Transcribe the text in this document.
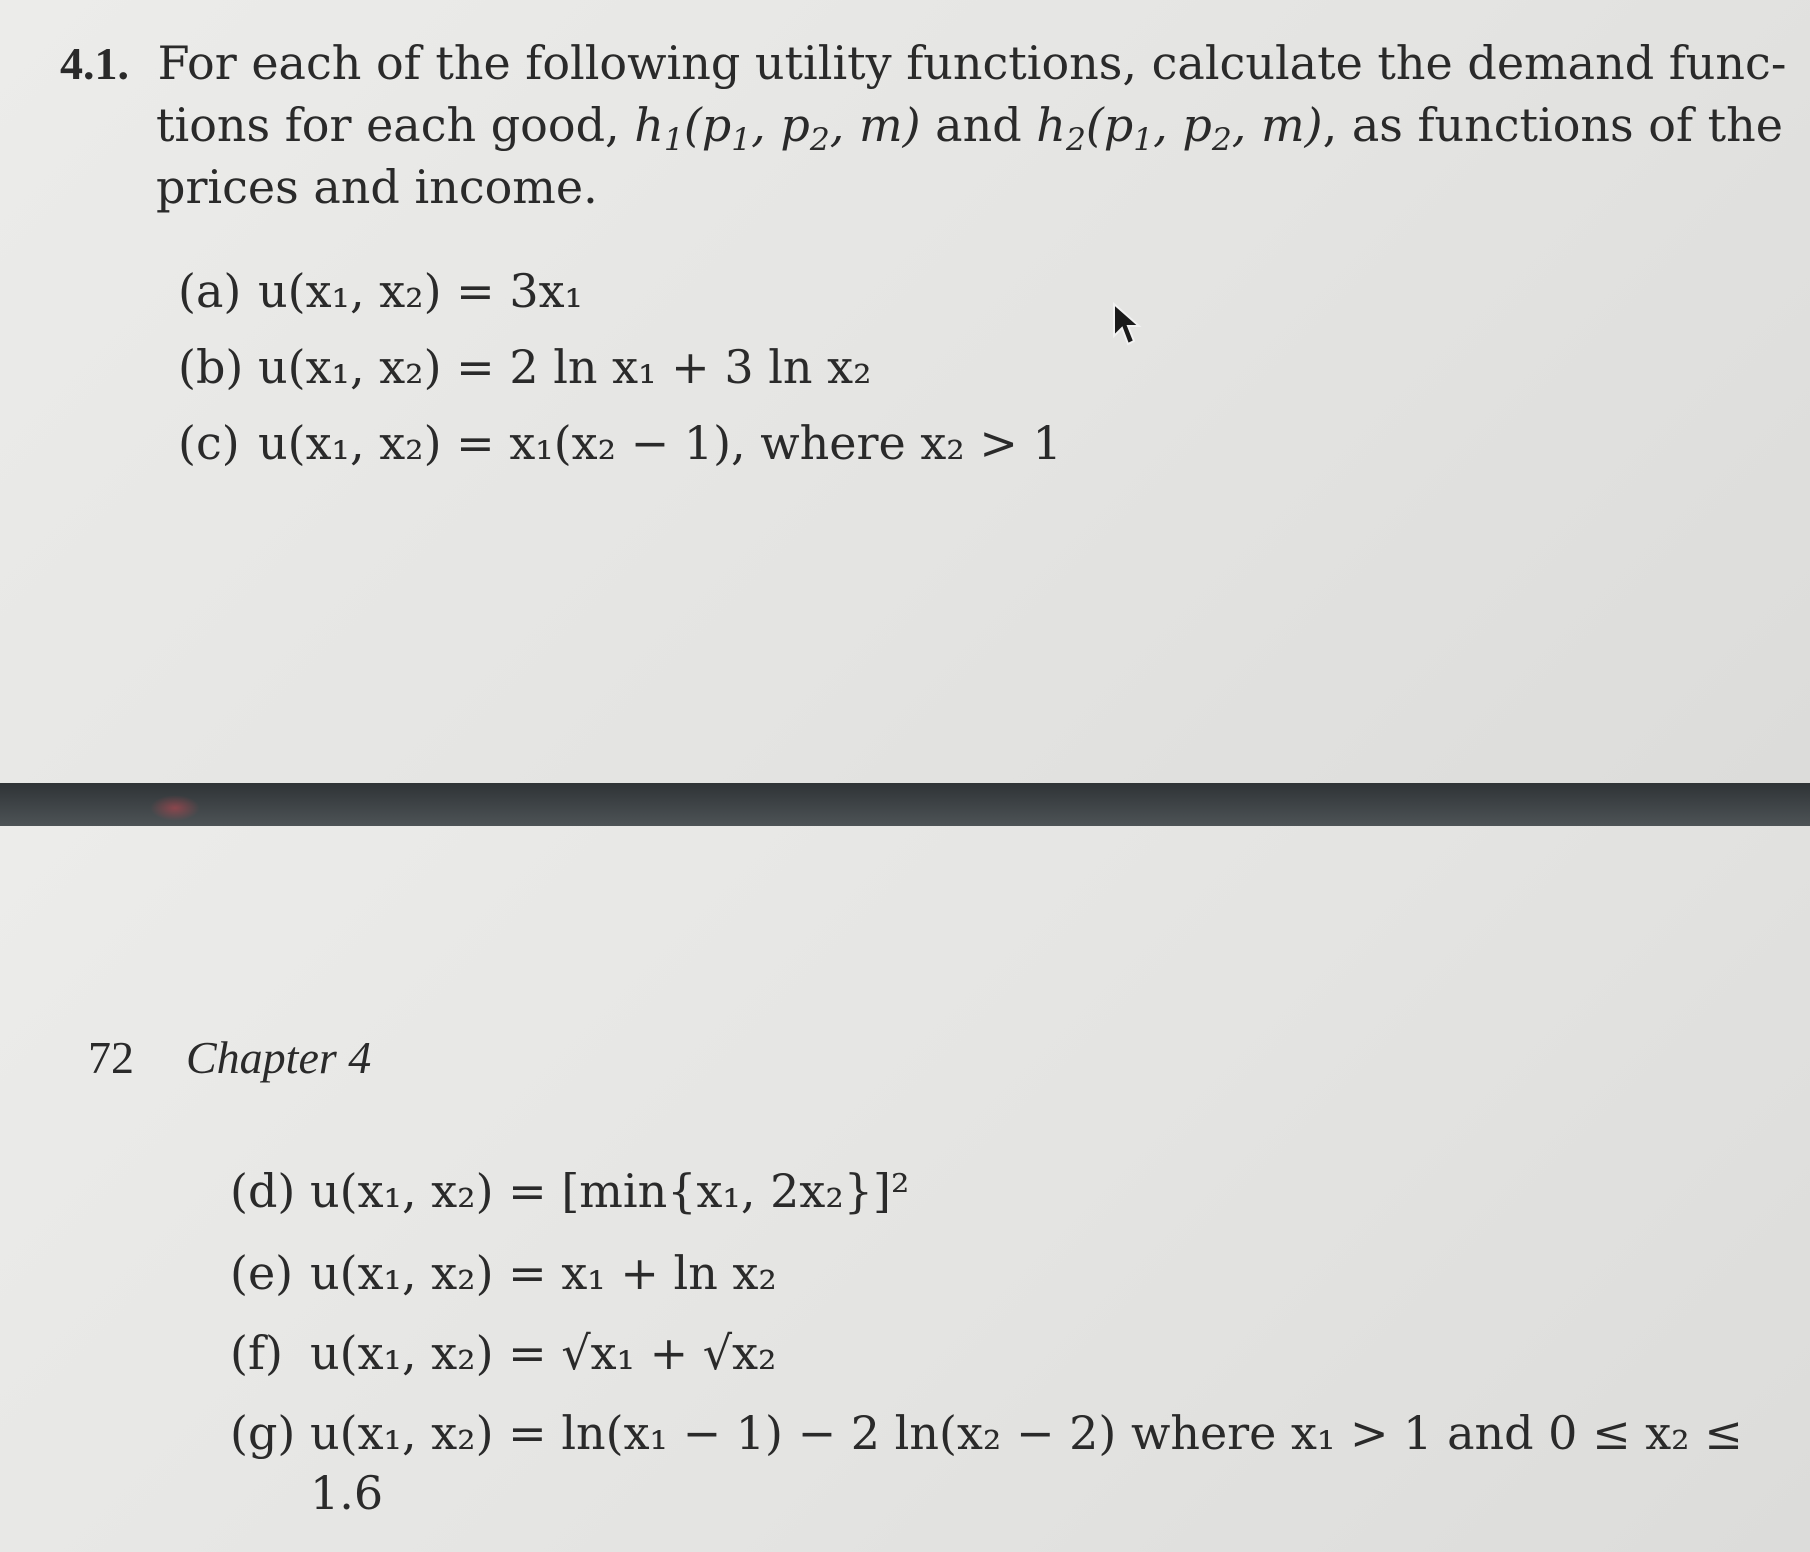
4.1. For each of the following utility functions, calculate the demand func-
tions for each good, $h_1(p_1$, $p_2$, m) and $h_2(p_1$, $p_2$, m), as functions of the
prices and income.
(a) u(x₁, x₂) = 3x₁
(b) u(x₁, x₂) = 2 ln x₁ + 3 ln x₂
(c) u(x₁, x₂) = x₁(x₂ − 1), where x₂ > 1
72 Chapter 4
(d) u(x₁, x₂) = [min{x₁, 2x₂}]²
(e) u(x₁, x₂) = x₁ + ln x₂
(f) u(x₁, x₂) = √x₁ + √x₂
(g) u(x₁, x₂) = ln(x₁ − 1) − 2 ln(x₂ − 2) where x₁ > 1 and 0 ≤ x₂ ≤
1.6
